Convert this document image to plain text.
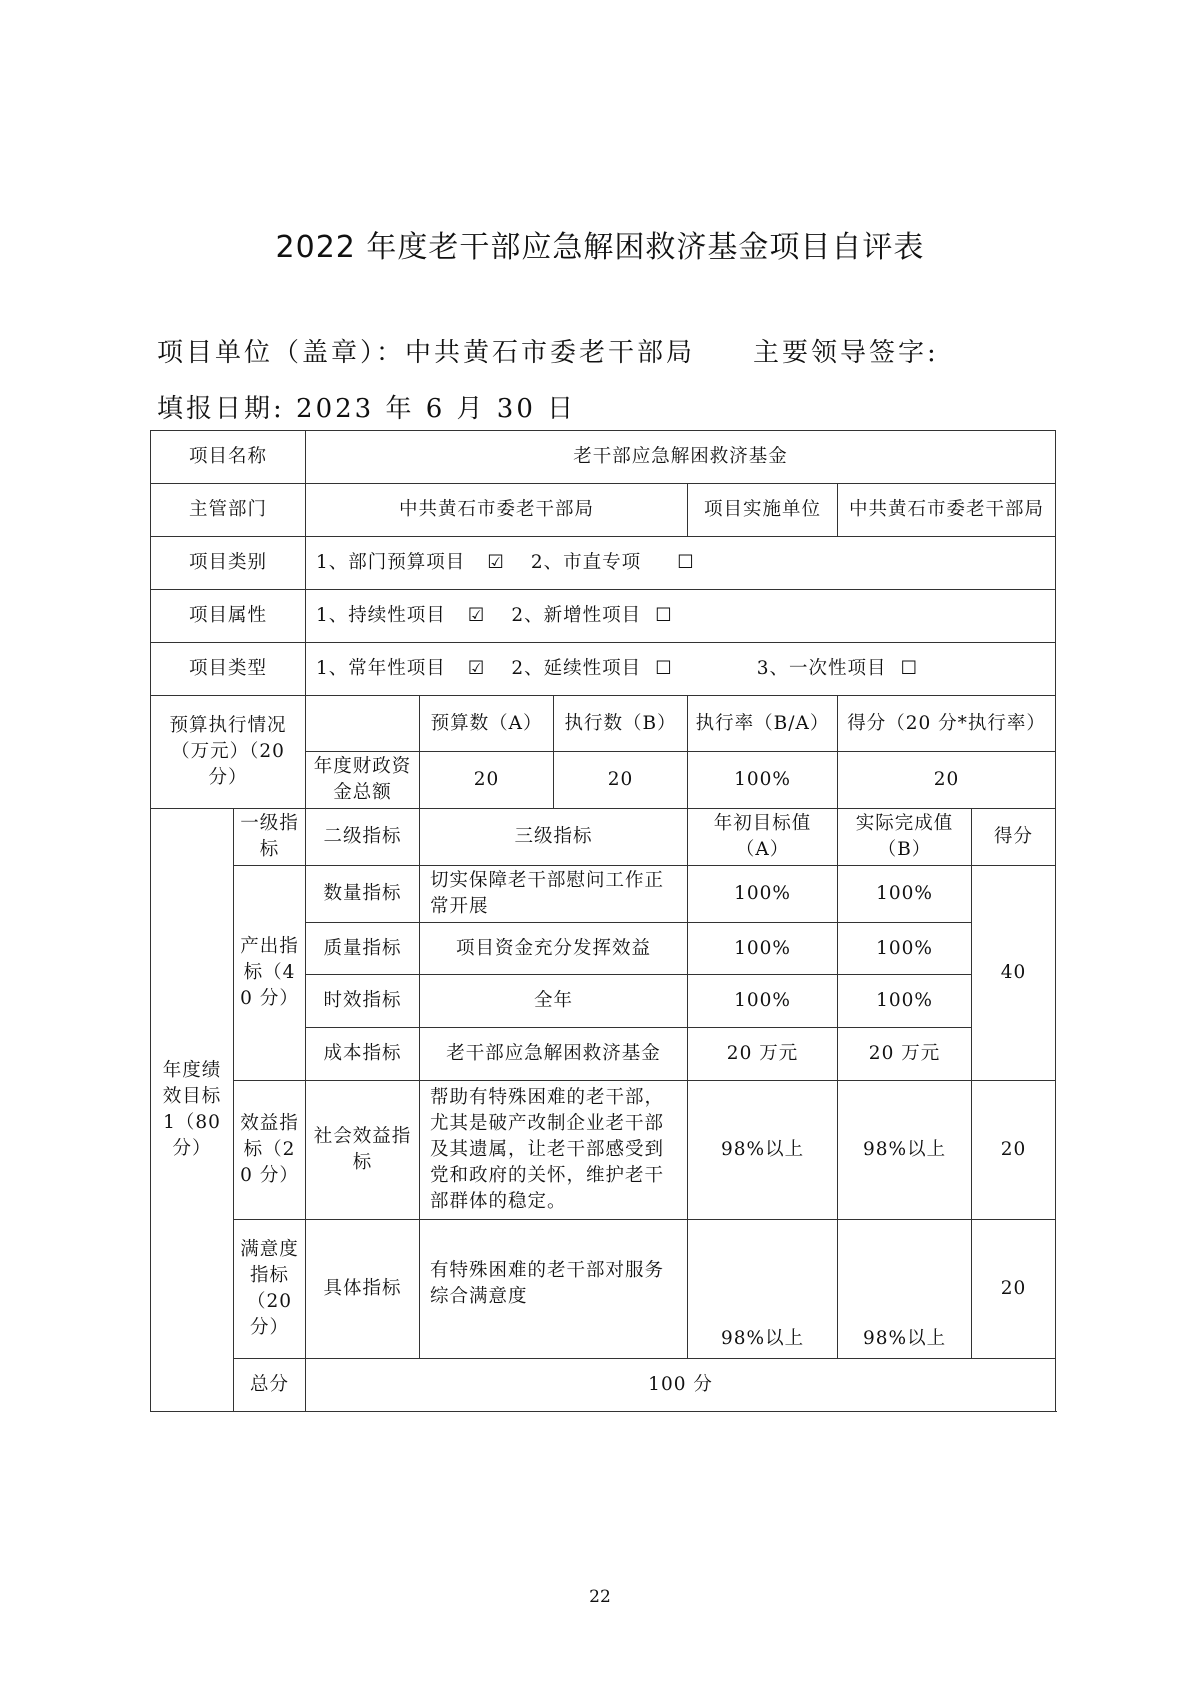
2022 年度老干部应急解困救济基金项目自评表
项目单位（盖章）：中共黄石市委老干部局 主要领导签字:
填报日期: 2023 年 6 月 30 日
项目名称		老干部应急解困救济基金					
主管部门		中共黄石市委老干部局			项目实施单位	中共黄石市委老干部局	
项目类别		1、部门预算项目 ☑ 2、市直专项 ☐					
项目属性		1、持续性项目 ☑ 2、新增性项目 ☐					
项目类型		1、常年性项目 ☑ 2、延续性项目 ☐ 3、一次性项目 ☐					
预算执行情况（万元）（20 分）			预算数（A）	执行数（B）	执行率（B/A）	得分（20 分*执行率）	
		年度财政资金总额	20	20	100%	20	
年度绩效目标 1（80 分）	一级指标	二级指标	三级指标		年初目标值（A）	实际完成值（B）	得分
	产出指标（40 分）	数量指标	切实保障老干部慰问工作正常开展		100%	100%	40
		质量指标	项目资金充分发挥效益		100%	100%	
		时效指标	全年		100%	100%	
		成本指标	老干部应急解困救济基金		20 万元	20 万元	
	效益指标（20 分）	社会效益指标	帮助有特殊困难的老干部，尤其是破产改制企业老干部及其遗属，让老干部感受到党和政府的关怀，维护老干部群体的稳定。		98%以上	98%以上	20
	满意度指标（20 分）	具体指标	有特殊困难的老干部对服务综合满意度		98%以上	98%以上	20
	总分	100 分					
22
